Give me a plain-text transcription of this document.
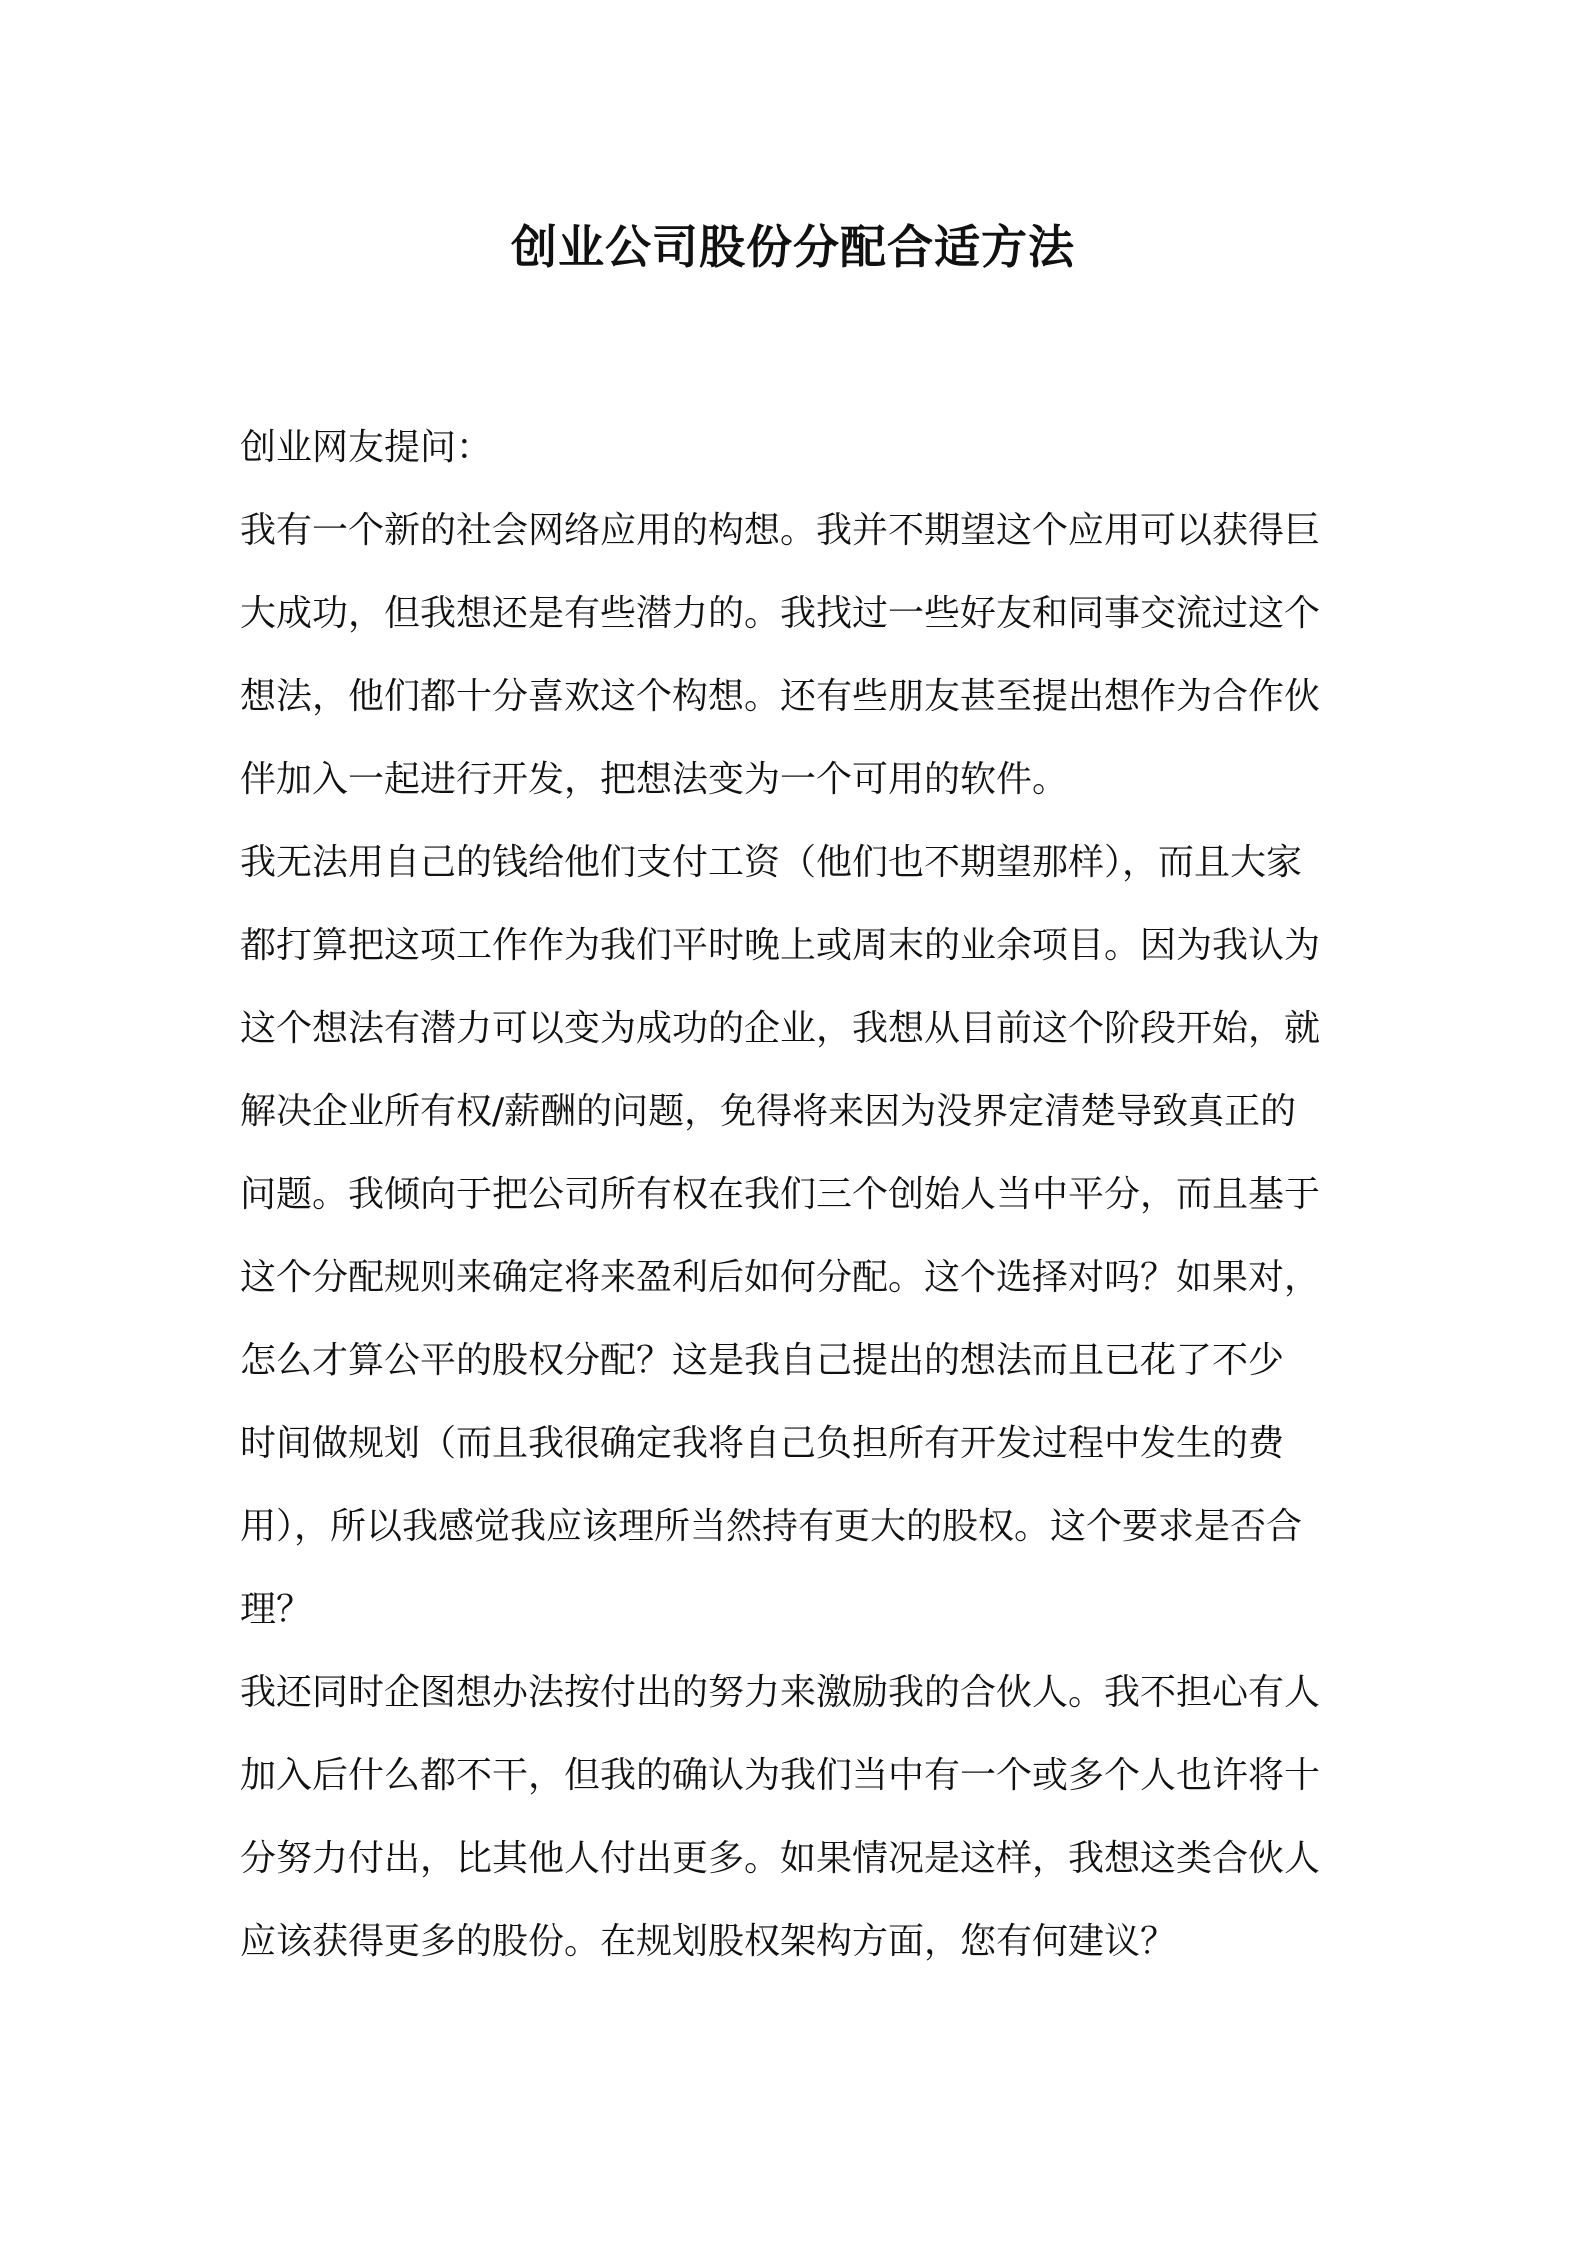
创业公司股份分配合适方法
创业网友提问：
我有一个新的社会网络应用的构想。我并不期望这个应用可以获得巨
大成功，但我想还是有些潜力的。我找过一些好友和同事交流过这个
想法，他们都十分喜欢这个构想。还有些朋友甚至提出想作为合作伙
伴加入一起进行开发，把想法变为一个可用的软件。
我无法用自己的钱给他们支付工资（他们也不期望那样），而且大家
都打算把这项工作作为我们平时晚上或周末的业余项目。因为我认为
这个想法有潜力可以变为成功的企业，我想从目前这个阶段开始，就
解决企业所有权/薪酬的问题，免得将来因为没界定清楚导致真正的
问题。我倾向于把公司所有权在我们三个创始人当中平分，而且基于
这个分配规则来确定将来盈利后如何分配。这个选择对吗？如果对，
怎么才算公平的股权分配？这是我自己提出的想法而且已花了不少
时间做规划（而且我很确定我将自己负担所有开发过程中发生的费
用），所以我感觉我应该理所当然持有更大的股权。这个要求是否合
理？
我还同时企图想办法按付出的努力来激励我的合伙人。我不担心有人
加入后什么都不干，但我的确认为我们当中有一个或多个人也许将十
分努力付出，比其他人付出更多。如果情况是这样，我想这类合伙人
应该获得更多的股份。在规划股权架构方面，您有何建议？
